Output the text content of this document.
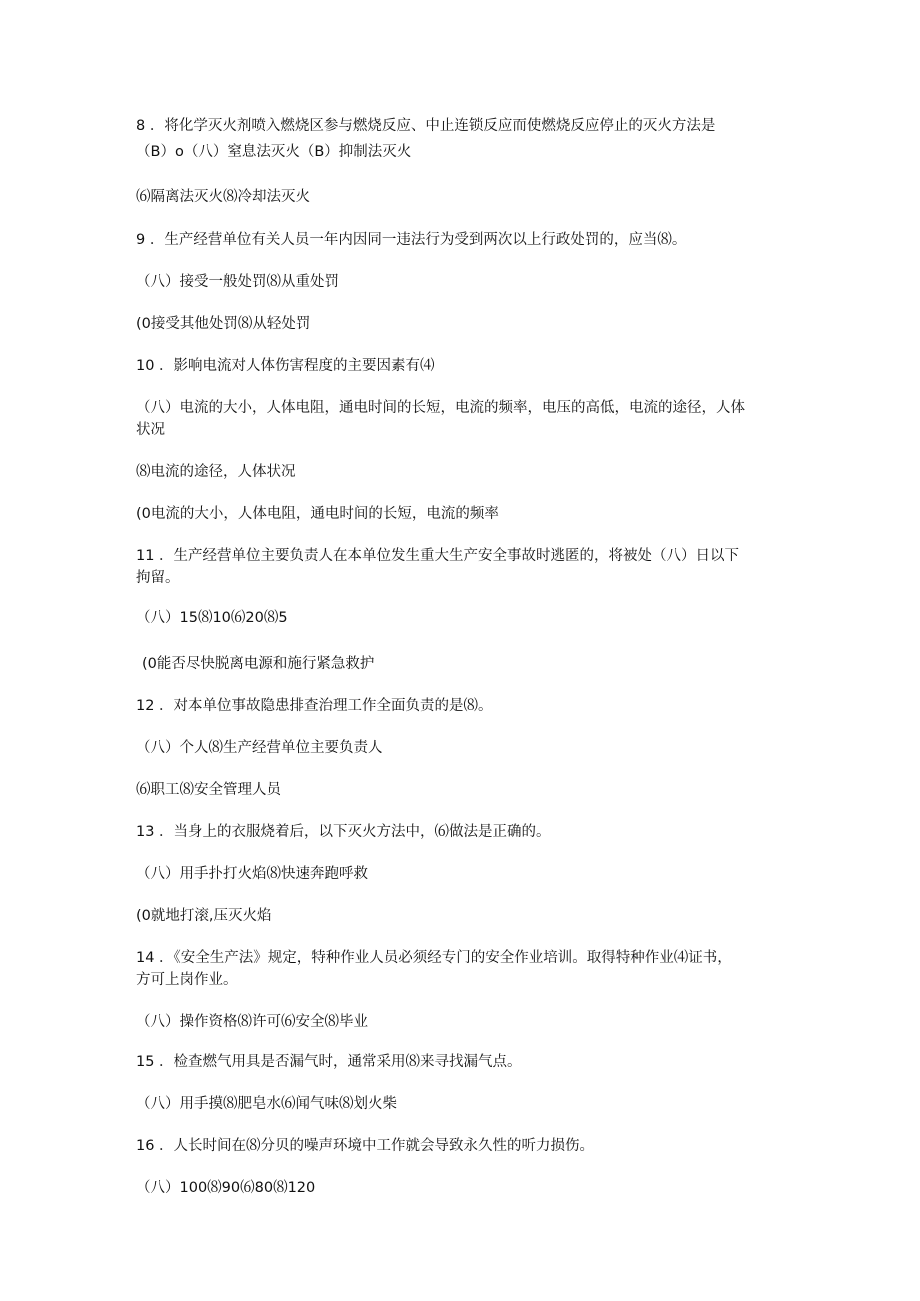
8 ．将化学灭火剂喷入燃烧区参与燃烧反应、中止连锁反应而使燃烧反应停止的灭火方法是
（B）o（八）窒息法灭火（B）抑制法灭火
⑹隔离法灭火⑻冷却法灭火
9 ．生产经营单位有关人员一年内因同一违法行为受到两次以上行政处罚的，应当⑻。
（八）接受一般处罚⑻从重处罚
(0接受其他处罚⑻从轻处罚
10 ．影响电流对人体伤害程度的主要因素有⑷
（八）电流的大小，人体电阻，通电时间的长短，电流的频率，电压的高低，电流的途径，人体
状况
⑻电流的途径，人体状况
(0电流的大小，人体电阻，通电时间的长短，电流的频率
11 ．生产经营单位主要负责人在本单位发生重大生产安全事故时逃匿的，将被处（八）日以下
拘留。
（八）15⑻10⑹20⑻5
(0能否尽快脱离电源和施行紧急救护
12 ．对本单位事故隐患排查治理工作全面负责的是⑻。
（八）个人⑻生产经营单位主要负责人
⑹职工⑻安全管理人员
13 ．当身上的衣服烧着后，以下灭火方法中，⑹做法是正确的。
（八）用手扑打火焰⑻快速奔跑呼救
(0就地打滚,压灭火焰
14 ．《安全生产法》规定，特种作业人员必须经专门的安全作业培训。取得特种作业⑷证书，
方可上岗作业。
（八）操作资格⑻许可⑹安全⑻毕业
15 ．检查燃气用具是否漏气时，通常采用⑻来寻找漏气点。
（八）用手摸⑻肥皂水⑹闻气味⑻划火柴
16 ．人长时间在⑻分贝的噪声环境中工作就会导致永久性的听力损伤。
（八）100⑻90⑹80⑻120
